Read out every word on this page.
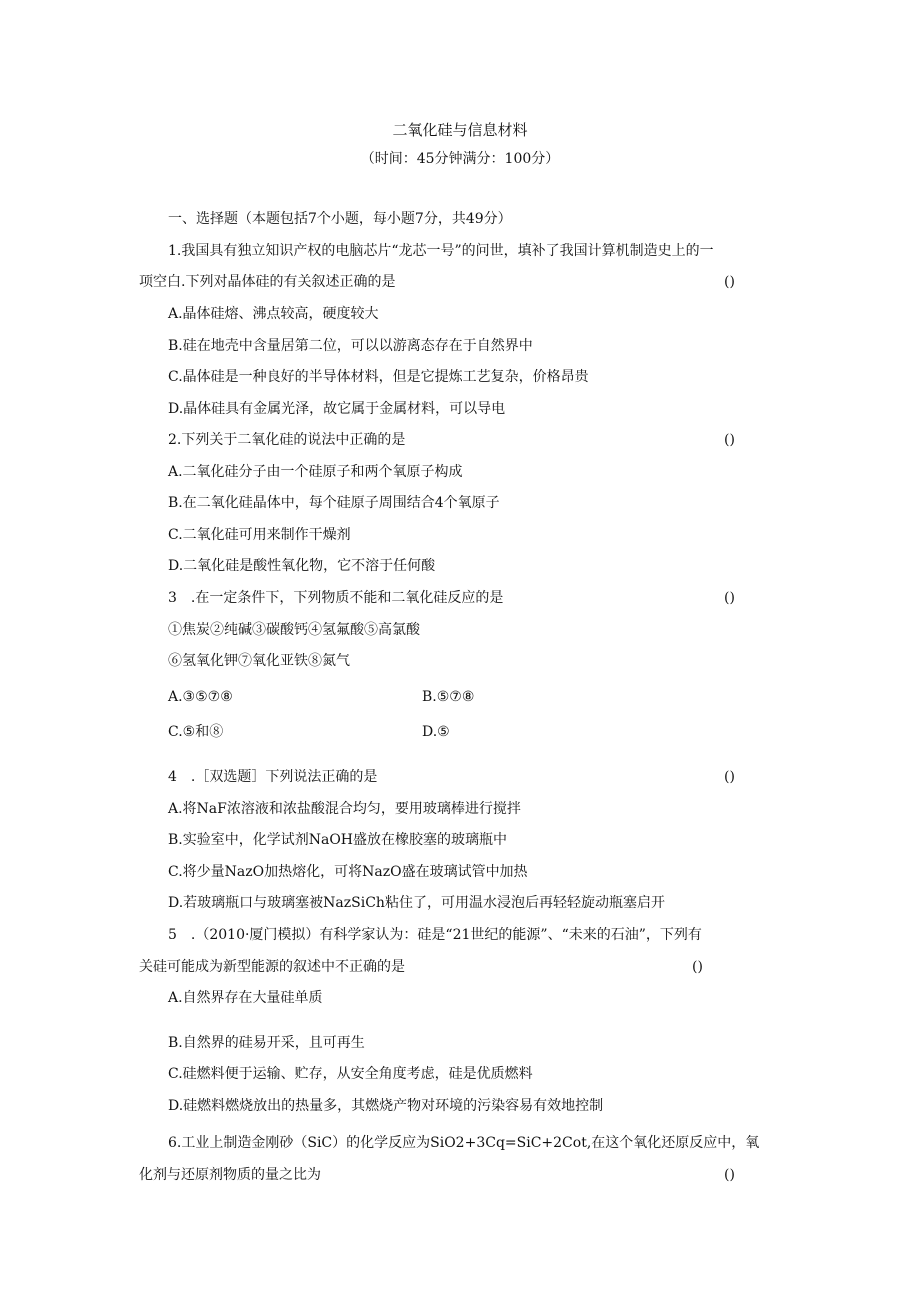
二氧化硅与信息材料
（时间：45分钟满分：100分）
一、选择题（本题包括7个小题，每小题7分，共49分）
1.我国具有独立知识产权的电脑芯片“龙芯一号”的问世，填补了我国计算机制造史上的一
项空白.下列对晶体硅的有关叙述正确的是	()
A.晶体硅熔、沸点较高，硬度较大
B.硅在地壳中含量居第二位，可以以游离态存在于自然界中
C.晶体硅是一种良好的半导体材料，但是它提炼工艺复杂，价格昂贵
D.晶体硅具有金属光泽，故它属于金属材料，可以导电
2.下列关于二氧化硅的说法中正确的是	()
A.二氧化硅分子由一个硅原子和两个氧原子构成
B.在二氧化硅晶体中，每个硅原子周围结合4个氧原子
C.二氧化硅可用来制作干燥剂
D.二氧化硅是酸性氧化物，它不溶于任何酸
3　.在一定条件下，下列物质不能和二氧化硅反应的是	()
①焦炭②纯碱③碳酸钙④氢氟酸⑤高氯酸
⑥氢氧化钾⑦氧化亚铁⑧氮气
A.③⑤⑦⑧	B.⑤⑦⑧
C.⑤和⑧	D.⑤
4　.［双选题］下列说法正确的是	()
A.将NaF浓溶液和浓盐酸混合均匀，要用玻璃棒进行搅拌
B.实验室中，化学试剂NaOH盛放在橡胶塞的玻璃瓶中
C.将少量NazO加热熔化，可将NazO盛在玻璃试管中加热
D.若玻璃瓶口与玻璃塞被NazSiCh粘住了，可用温水浸泡后再轻轻旋动瓶塞启开
5　.（2010·厦门模拟）有科学家认为：硅是“21世纪的能源”、“未来的石油”，下列有
关硅可能成为新型能源的叙述中不正确的是	()
A.自然界存在大量硅单质
B.自然界的硅易开采，且可再生
C.硅燃料便于运输、贮存，从安全角度考虑，硅是优质燃料
D.硅燃料燃烧放出的热量多，其燃烧产物对环境的污染容易有效地控制
6.工业上制造金刚砂（SiC）的化学反应为SiO2+3Cq=SiC+2Cot,在这个氧化还原反应中，氧
化剂与还原剂物质的量之比为	()
